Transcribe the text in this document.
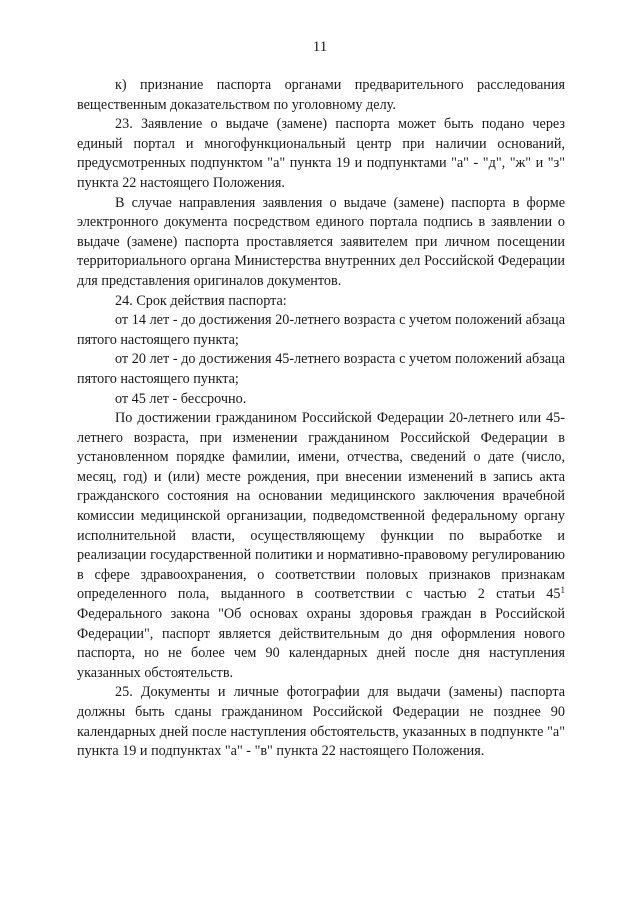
11

к) признание паспорта органами предварительного расследования вещественным доказательством по уголовному делу.

23. Заявление о выдаче (замене) паспорта может быть подано через единый портал и многофункциональный центр при наличии оснований, предусмотренных подпунктом "а" пункта 19 и подпунктами "а" - "д", "ж" и "з" пункта 22 настоящего Положения.

В случае направления заявления о выдаче (замене) паспорта в форме электронного документа посредством единого портала подпись в заявлении о выдаче (замене) паспорта проставляется заявителем при личном посещении территориального органа Министерства внутренних дел Российской Федерации для представления оригиналов документов.

24. Срок действия паспорта:

от 14 лет - до достижения 20-летнего возраста с учетом положений абзаца пятого настоящего пункта;

от 20 лет - до достижения 45-летнего возраста с учетом положений абзаца пятого настоящего пункта;

от 45 лет - бессрочно.

По достижении гражданином Российской Федерации 20-летнего или 45-летнего возраста, при изменении гражданином Российской Федерации в установленном порядке фамилии, имени, отчества, сведений о дате (число, месяц, год) и (или) месте рождения, при внесении изменений в запись акта гражданского состояния на основании медицинского заключения врачебной комиссии медицинской организации, подведомственной федеральному органу исполнительной власти, осуществляющему функции по выработке и реализации государственной политики и нормативно-правовому регулированию в сфере здравоохранения, о соответствии половых признаков признакам определенного пола, выданного в соответствии с частью 2 статьи $45^1$ Федерального закона "Об основах охраны здоровья граждан в Российской Федерации", паспорт является действительным до дня оформления нового паспорта, но не более чем 90 календарных дней после дня наступления указанных обстоятельств.

25. Документы и личные фотографии для выдачи (замены) паспорта должны быть сданы гражданином Российской Федерации не позднее 90 календарных дней после наступления обстоятельств, указанных в подпункте "а" пункта 19 и подпунктах "а" - "в" пункта 22 настоящего Положения.
